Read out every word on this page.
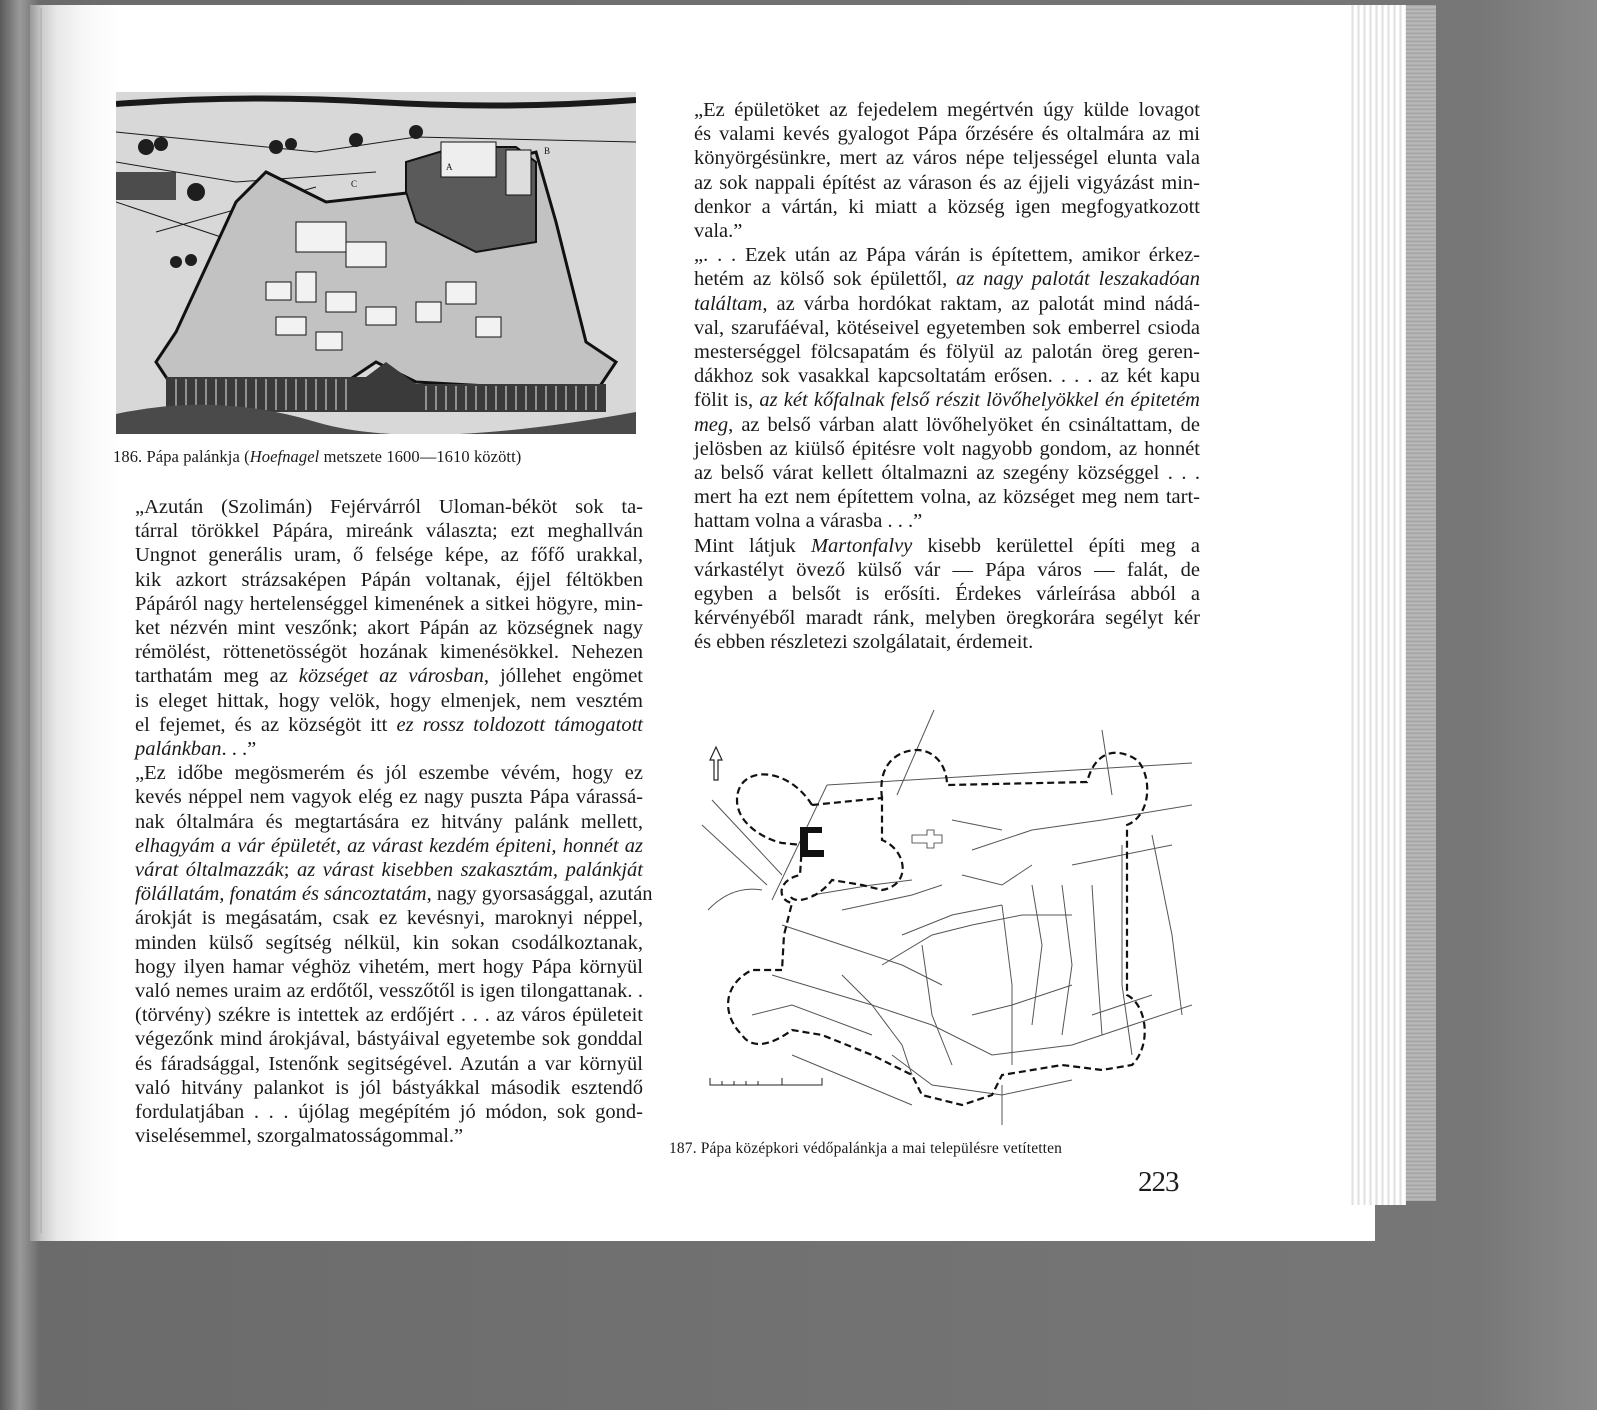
A
B
C
186. Pápa palánkja (Hoefnagel metszete 1600—1610 között)

„Azután (Szolimán) Fejérvárról Uloman-béköt sok ta-
tárral törökkel Pápára, mireánk választa; ezt meghallván
Ungnot generális uram, ő felsége képe, az főfő urakkal,
kik azkort strázsaképen Pápán voltanak, éjjel féltökben
Pápáról nagy hertelenséggel kimenének a sitkei högyre, min-
ket nézvén mint veszőnk; akort Pápán az községnek nagy
rémölést, röttenetösségöt hozának kimenésökkel. Nehezen
tarthatám meg az községet az városban, jóllehet engömet
is eleget hittak, hogy velök, hogy elmenjek, nem vesztém
el fejemet, és az községöt itt ez rossz toldozott támogatott
palánkban. . .”

„Ez időbe megösmerém és jól eszembe vévém, hogy ez
kevés néppel nem vagyok elég ez nagy puszta Pápa várassá-
nak óltalmára és megtartására ez hitvány palánk mellett,
elhagyám a vár épületét, az várast kezdém épiteni, honnét az
várat óltalmazzák; az várast kisebben szakasztám, palánkját
fölállatám, fonatám és sáncoztatám, nagy gyorsasággal, azután
árokját is megásatám, csak ez kevésnyi, maroknyi néppel,
minden külső segítség nélkül, kin sokan csodálkoztanak,
hogy ilyen hamar véghöz vihetém, mert hogy Pápa környül
való nemes uraim az erdőtől, vesszőtől is igen tilongattanak. .
(törvény) székre is intettek az erdőjért . . . az város épületeit
végezőnk mind árokjával, bástyáival egyetembe sok gonddal
és fáradsággal, Istenőnk segitségével. Azután a var környül
való hitvány palankot is jól bástyákkal második esztendő
fordulatjában . . . újólag megépítém jó módon, sok gond-
viselésemmel, szorgalmatosságommal.”

„Ez épületöket az fejedelem megértvén úgy külde lovagot
és valami kevés gyalogot Pápa őrzésére és oltalmára az mi
könyörgésünkre, mert az város népe teljességel elunta vala
az sok nappali építést az várason és az éjjeli vigyázást min-
denkor a vártán, ki miatt a község igen megfogyatkozott
vala.”

„. . . Ezek után az Pápa várán is építettem, amikor érkez-
hetém az kölső sok épülettől, az nagy palotát leszakadóan
találtam, az várba hordókat raktam, az palotát mind nádá-
val, szarufáéval, kötéseivel egyetemben sok emberrel csioda
mesterséggel fölcsapatám és fölyül az palotán öreg geren-
dákhoz sok vasakkal kapcsoltatám erősen. . . . az két kapu
fölit is, az két kőfalnak felső részit lövőhelyökkel én épitetém
meg, az belső várban alatt lövőhelyöket én csináltattam, de
jelösben az kiülső épitésre volt nagyobb gondom, az honnét
az belső várat kellett óltalmazni az szegény községgel . . .
mert ha ezt nem építettem volna, az községet meg nem tart-
hattam volna a várasba . . .”

Mint látjuk Martonfalvy kisebb kerülettel építi meg a
várkastélyt övező külső vár — Pápa város — falát, de
egyben a belsőt is erősíti. Érdekes várleírása abból a
kérvényéből maradt ránk, melyben öregkorára segélyt kér
és ebben részletezi szolgálatait, érdemeit.

187. Pápa középkori védőpalánkja a mai településre vetítetten
223
